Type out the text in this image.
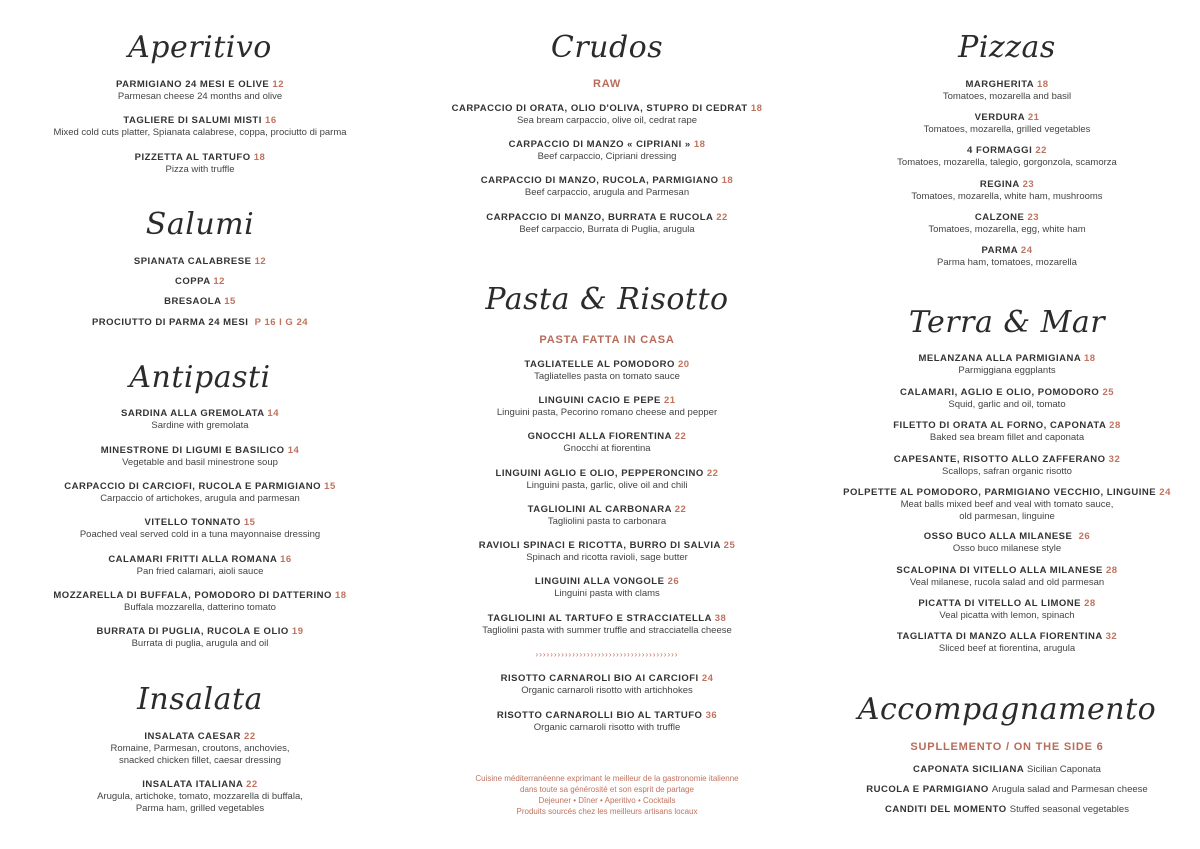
Aperitivo
PARMIGIANO 24 MESI E OLIVE 12
Parmesan cheese 24 months and olive
TAGLIERE DI SALUMI MISTI 16
Mixed cold cuts platter, Spianata calabrese, coppa, prociutto di parma
PIZZETTA AL TARTUFO 18
Pizza with truffle
Salumi
SPIANATA CALABRESE 12
COPPA 12
BRESAOLA 15
PROCIUTTO DI PARMA 24 MESI P 16 I G 24
Antipasti
SARDINA ALLA GREMOLATA 14
Sardine with gremolata
MINESTRONE DI LIGUMI E BASILICO 14
Vegetable and basil minestrone soup
CARPACCIO DI CARCIOFI, RUCOLA E PARMIGIANO 15
Carpaccio of artichokes, arugula and parmesan
VITELLO TONNATO 15
Poached veal served cold in a tuna mayonnaise dressing
CALAMARI FRITTI ALLA ROMANA 16
Pan fried calamari, aioli sauce
MOZZARELLA DI BUFFALA, POMODORO DI DATTERINO 18
Buffala mozzarella, datterino tomato
BURRATA DI PUGLIA, RUCOLA E OLIO 19
Burrata di puglia, arugula and oil
Insalata
INSALATA CAESAR 22
Romaine, Parmesan, croutons, anchovies,
snacked chicken fillet, caesar dressing
INSALATA ITALIANA 22
Arugula, artichoke, tomato, mozzarella di buffala,
Parma ham, grilled vegetables
Crudos
RAW
CARPACCIO DI ORATA, OLIO D'OLIVA, STUPRO DI CEDRAT 18
Sea bream carpaccio, olive oil, cedrat rape
CARPACCIO DI MANZO « CIPRIANI » 18
Beef carpaccio, Cipriani dressing
CARPACCIO DI MANZO, RUCOLA, PARMIGIANO 18
Beef carpaccio, arugula and Parmesan
CARPACCIO DI MANZO, BURRATA E RUCOLA 22
Beef carpaccio, Burrata di Puglia, arugula
Pasta & Risotto
PASTA FATTA IN CASA
TAGLIATELLE AL POMODORO 20
Tagliatelles pasta on tomato sauce
LINGUINI CACIO E PEPE 21
Linguini pasta, Pecorino romano cheese and pepper
GNOCCHI ALLA FIORENTINA 22
Gnocchi at fiorentina
LINGUINI AGLIO E OLIO, PEPPERONCINO 22
Linguini pasta, garlic, olive oil and chili
TAGLIOLINI AL CARBONARA 22
Tagliolini pasta to carbonara
RAVIOLI SPINACI E RICOTTA, BURRO DI SALVIA 25
Spinach and ricotta ravioli, sage butter
LINGUINI ALLA VONGOLE 26
Linguini pasta with clams
TAGLIOLINI AL TARTUFO E STRACCIATELLA 38
Tagliolini pasta with summer truffle and stracciatella cheese
›››››››››››››››››››››››››››››››››››››››
RISOTTO CARNAROLI BIO AI CARCIOFI 24
Organic carnaroli risotto with artichhokes
RISOTTO CARNAROLLI BIO AL TARTUFO 36
Organic carnaroli risotto with truffle
Cuisine méditerranéenne exprimant le meilleur de la gastronomie italienne
dans toute sa générosité et son esprit de partage
Dejeuner • Dîner • Aperitivo • Cocktails
Produits sourcés chez les meilleurs artisans locaux
Pizzas
MARGHERITA 18
Tomatoes, mozarella and basil
VERDURA 21
Tomatoes, mozarella, grilled vegetables
4 FORMAGGI 22
Tomatoes, mozarella, talegio, gorgonzola, scamorza
REGINA 23
Tomatoes, mozarella, white ham, mushrooms
CALZONE 23
Tomatoes, mozarella, egg, white ham
PARMA 24
Parma ham, tomatoes, mozarella
Terra & Mar
MELANZANA ALLA PARMIGIANA 18
Parmiggiana eggplants
CALAMARI, AGLIO E OLIO, POMODORO 25
Squid, garlic and oil, tomato
FILETTO DI ORATA AL FORNO, CAPONATA 28
Baked sea bream fillet and caponata
CAPESANTE, RISOTTO ALLO ZAFFERANO 32
Scallops, safran organic risotto
POLPETTE AL POMODORO, PARMIGIANO VECCHIO, LINGUINE 24
Meat balls mixed beef and veal with tomato sauce,
old parmesan, linguine
OSSO BUCO ALLA MILANESE 26
Osso buco milanese style
SCALOPINA DI VITELLO ALLA MILANESE 28
Veal milanese, rucola salad and old parmesan
PICATTA DI VITELLO AL LIMONE 28
Veal picatta with lemon, spinach
TAGLIATTA DI MANZO ALLA FIORENTINA 32
Sliced beef at fiorentina, arugula
Accompagnamento
SUPLLEMENTO / ON THE SIDE 6
CAPONATA SICILIANA Sicilian Caponata
RUCOLA E PARMIGIANO Arugula salad and Parmesan cheese
CANDITI DEL MOMENTO Stuffed seasonal vegetables
